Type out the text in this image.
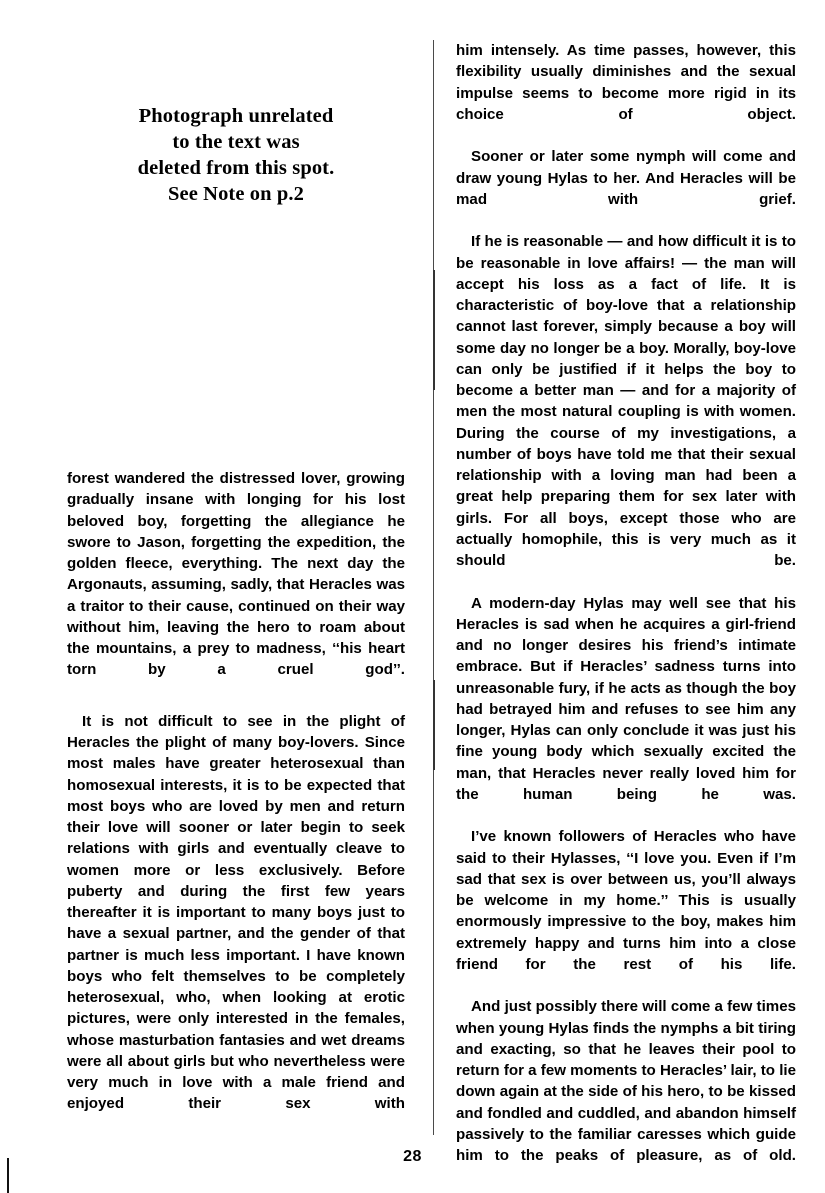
Photograph unrelated
to the text was
deleted from this spot.
See Note on p.2

forest wandered the distressed lover, growing gradually insane with longing for his lost beloved boy, forgetting the allegiance he swore to Jason, forgetting the expedition, the golden fleece, everything. The next day the Argonauts, assuming, sadly, that Heracles was a traitor to their cause, continued on their way without him, leaving the hero to roam about the mountains, a prey to madness, ‘‘his heart torn by a cruel god’’.

It is not difficult to see in the plight of Heracles the plight of many boy-lovers. Since most males have greater heterosexual than homosexual interests, it is to be expected that most boys who are loved by men and return their love will sooner or later begin to seek relations with girls and eventually cleave to women more or less exclusively. Before puberty and during the first few years thereafter it is important to many boys just to have a sexual partner, and the gender of that partner is much less important. I have known boys who felt themselves to be completely heterosexual, who, when looking at erotic pictures, were only interested in the females, whose masturbation fantasies and wet dreams were all about girls but who nevertheless were very much in love with a male friend and enjoyed their sex with

him intensely. As time passes, however, this flexibility usually diminishes and the sexual impulse seems to become more rigid in its choice of object.

Sooner or later some nymph will come and draw young Hylas to her. And Heracles will be mad with grief.

If he is reasonable — and how difficult it is to be reasonable in love affairs! — the man will accept his loss as a fact of life. It is characteristic of boy-love that a relationship cannot last forever, simply because a boy will some day no longer be a boy. Morally, boy-love can only be justified if it helps the boy to become a better man — and for a majority of men the most natural coupling is with women. During the course of my investigations, a number of boys have told me that their sexual relationship with a loving man had been a great help preparing them for sex later with girls. For all boys, except those who are actually homophile, this is very much as it should be.

A modern-day Hylas may well see that his Heracles is sad when he acquires a girl-friend and no longer desires his friend’s intimate embrace. But if Heracles’ sadness turns into unreasonable fury, if he acts as though the boy had betrayed him and refuses to see him any longer, Hylas can only conclude it was just his fine young body which sexually excited the man, that Heracles never really loved him for the human being he was.

I’ve known followers of Heracles who have said to their Hylasses, ‘‘I love you. Even if I’m sad that sex is over between us, you’ll always be welcome in my home.’’ This is usually enormously impressive to the boy, makes him extremely happy and turns him into a close friend for the rest of his life.

And just possibly there will come a few times when young Hylas finds the nymphs a bit tiring and exacting, so that he leaves their pool to return for a few moments to Heracles’ lair, to lie down again at the side of his hero, to be kissed and fondled and cuddled, and abandon himself passively to the familiar caresses which guide him to the peaks of pleasure, as of old.

28
